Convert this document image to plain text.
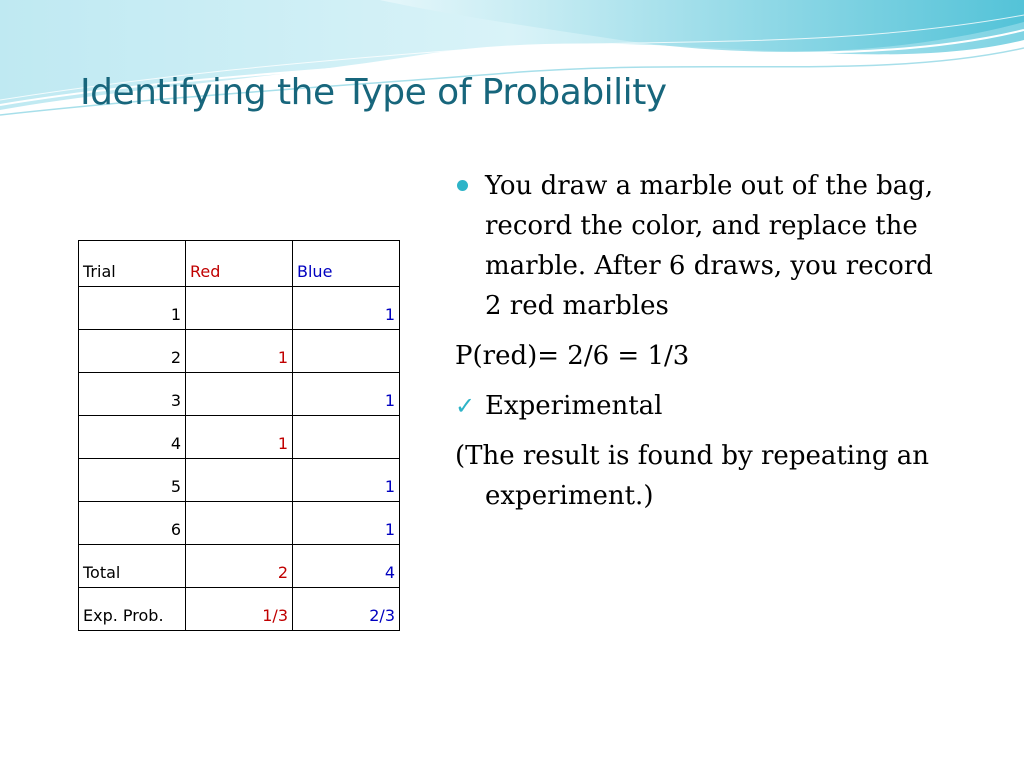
Identifying the Type of Probability
Trial	Red	Blue
1		1
2	1	
3		1
4	1	
5		1
6		1
Total	2	4
Exp. Prob.	1/3	2/3

You draw a marble out of the bag, record the color, and replace the marble. After 6 draws, you record 2 red marbles

P(red)= 2/6 = 1/3

✓ Experimental

(The result is found by repeating an experiment.)
